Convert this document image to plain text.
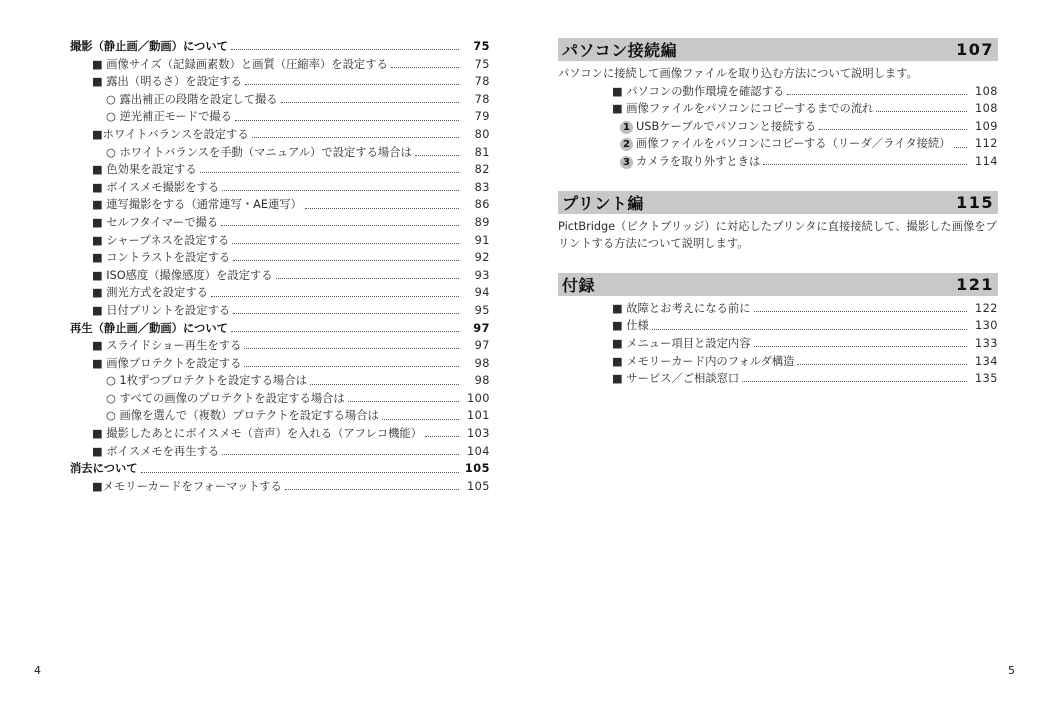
撮影（静止画／動画）について	75
■ 画像サイズ（記録画素数）と画質（圧縮率）を設定する	75
■ 露出（明るさ）を設定する	78
○ 露出補正の段階を設定して撮る	78
○ 逆光補正モードで撮る	79
■ホワイトバランスを設定する	80
○ ホワイトバランスを手動（マニュアル）で設定する場合は	81
■ 色効果を設定する	82
■ ボイスメモ撮影をする	83
■ 連写撮影をする（通常連写・AE連写）	86
■ セルフタイマーで撮る	89
■ シャープネスを設定する	91
■ コントラストを設定する	92
■ ISO感度（撮像感度）を設定する	93
■ 測光方式を設定する	94
■ 日付プリントを設定する	95
再生（静止画／動画）について	97
■ スライドショー再生をする	97
■ 画像プロテクトを設定する	98
○ 1枚ずつプロテクトを設定する場合は	98
○ すべての画像のプロテクトを設定する場合は	100
○ 画像を選んで（複数）プロテクトを設定する場合は	101
■ 撮影したあとにボイスメモ（音声）を入れる（アフレコ機能）	103
■ ボイスメモを再生する	104
消去について	105
■メモリーカードをフォーマットする	105
パソコン接続編	107
パソコンに接続して画像ファイルを取り込む方法について説明します。
■ パソコンの動作環境を確認する	108
■ 画像ファイルをパソコンにコピーするまでの流れ	108
1 USBケーブルでパソコンと接続する	109
2 画像ファイルをパソコンにコピーする（リーダ／ライタ接続）	112
3 カメラを取り外すときは	114
プリント編	115
PictBridge（ピクトブリッジ）に対応したプリンタに直接接続して、撮影した画像をプリントする方法について説明します。
付録	121
■ 故障とお考えになる前に	122
■ 仕様	130
■ メニュー項目と設定内容	133
■ メモリーカード内のフォルダ構造	134
■ サービス／ご相談窓口	135
4	5
